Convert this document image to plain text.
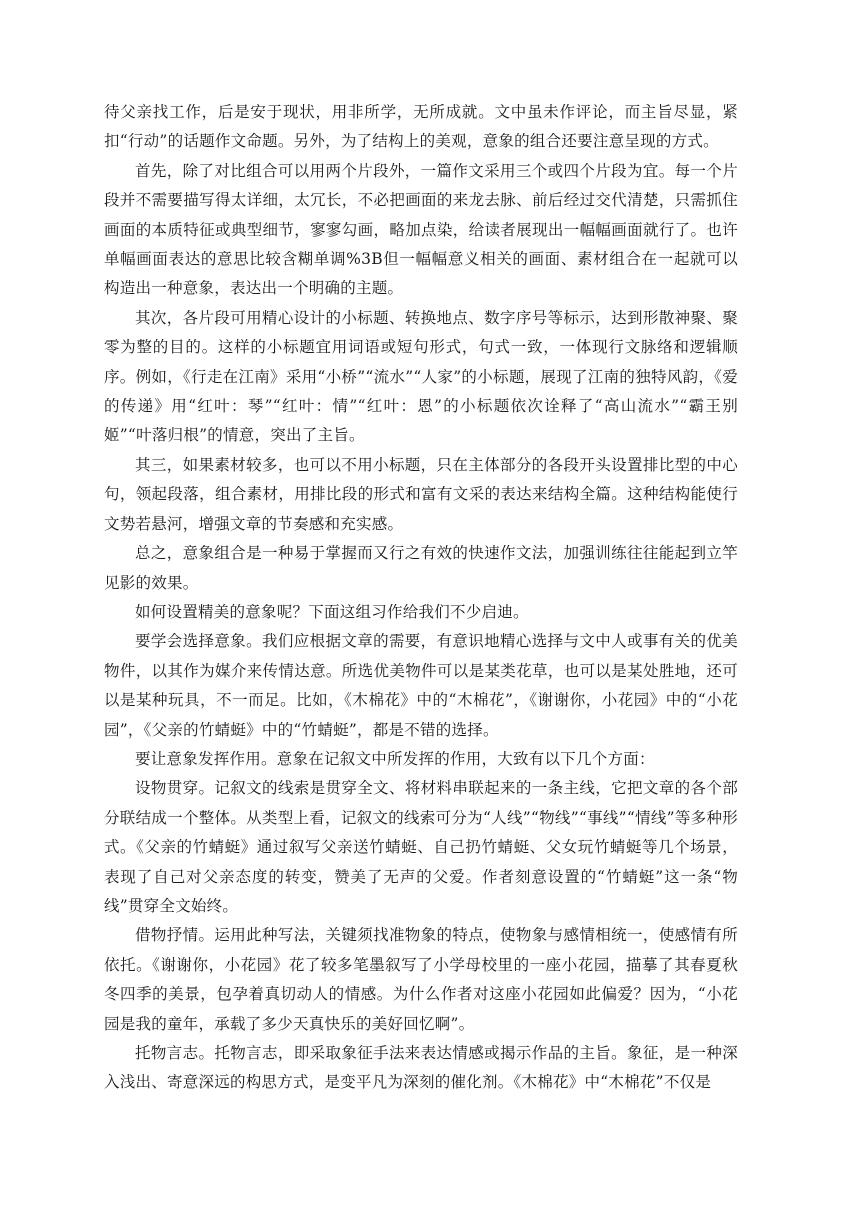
待父亲找工作，后是安于现状，用非所学，无所成就。文中虽未作评论，而主旨尽显，紧扣“行动”的话题作文命题。另外，为了结构上的美观，意象的组合还要注意呈现的方式。

首先，除了对比组合可以用两个片段外，一篇作文采用三个或四个片段为宜。每一个片段并不需要描写得太详细，太冗长，不必把画面的来龙去脉、前后经过交代清楚，只需抓住画面的本质特征或典型细节，寥寥勾画，略加点染，给读者展现出一幅幅画面就行了。也许单幅画面表达的意思比较含糊单调%3B但一幅幅意义相关的画面、素材组合在一起就可以构造出一种意象，表达出一个明确的主题。

其次，各片段可用精心设计的小标题、转换地点、数字序号等标示，达到形散神聚、聚零为整的目的。这样的小标题宜用词语或短句形式，句式一致，一体现行文脉络和逻辑顺序。例如，《行走在江南》采用“小桥”“流水”“人家”的小标题，展现了江南的独特风韵，《爱的传递》用“红叶：琴”“红叶：情”“红叶：恩”的小标题依次诠释了“高山流水”“霸王别姬”“叶落归根”的情意，突出了主旨。

其三，如果素材较多，也可以不用小标题，只在主体部分的各段开头设置排比型的中心句，领起段落，组合素材，用排比段的形式和富有文采的表达来结构全篇。这种结构能使行文势若悬河，增强文章的节奏感和充实感。

总之，意象组合是一种易于掌握而又行之有效的快速作文法，加强训练往往能起到立竿见影的效果。

如何设置精美的意象呢？下面这组习作给我们不少启迪。

要学会选择意象。我们应根据文章的需要，有意识地精心选择与文中人或事有关的优美物件，以其作为媒介来传情达意。所选优美物件可以是某类花草，也可以是某处胜地，还可以是某种玩具，不一而足。比如，《木棉花》中的“木棉花”，《谢谢你，小花园》中的“小花园”，《父亲的竹蜻蜓》中的“竹蜻蜓”，都是不错的选择。

要让意象发挥作用。意象在记叙文中所发挥的作用，大致有以下几个方面：

设物贯穿。记叙文的线索是贯穿全文、将材料串联起来的一条主线，它把文章的各个部分联结成一个整体。从类型上看，记叙文的线索可分为“人线”“物线”“事线”“情线”等多种形式。《父亲的竹蜻蜓》通过叙写父亲送竹蜻蜓、自己扔竹蜻蜓、父女玩竹蜻蜓等几个场景，表现了自己对父亲态度的转变，赞美了无声的父爱。作者刻意设置的“竹蜻蜓”这一条“物线”贯穿全文始终。

借物抒情。运用此种写法，关键须找准物象的特点，使物象与感情相统一，使感情有所依托。《谢谢你，小花园》花了较多笔墨叙写了小学母校里的一座小花园，描摹了其春夏秋冬四季的美景，包孕着真切动人的情感。为什么作者对这座小花园如此偏爱？因为，“小花园是我的童年，承载了多少天真快乐的美好回忆啊”。

托物言志。托物言志，即采取象征手法来表达情感或揭示作品的主旨。象征，是一种深入浅出、寄意深远的构思方式，是变平凡为深刻的催化剂。《木棉花》中“木棉花”不仅是
